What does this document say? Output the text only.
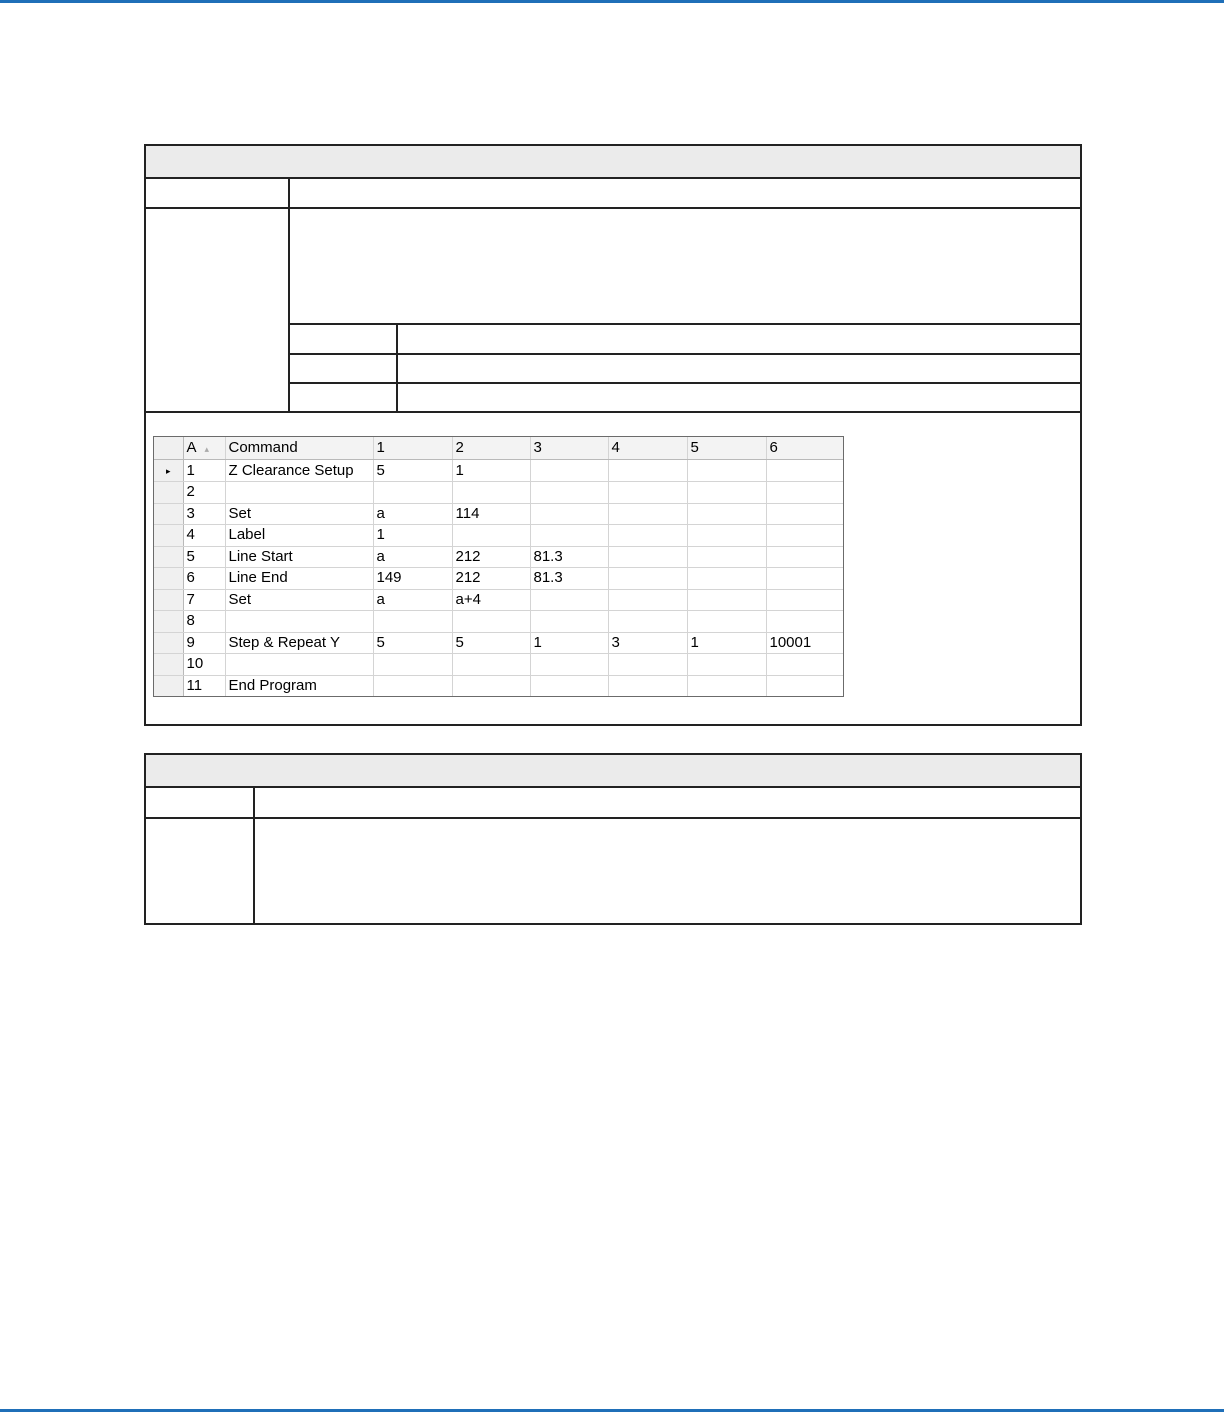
	A ▴	Command	1	2	3	4	5	6
▸	1	Z Clearance Setup	5	1				
	2							
	3	Set	a	114				
	4	Label	1					
	5	Line Start	a	212	81.3			
	6	Line End	149	212	81.3			
	7	Set	a	a+4				
	8							
	9	Step & Repeat Y	5	5	1	3	1	10001
	10							
	11	End Program						
